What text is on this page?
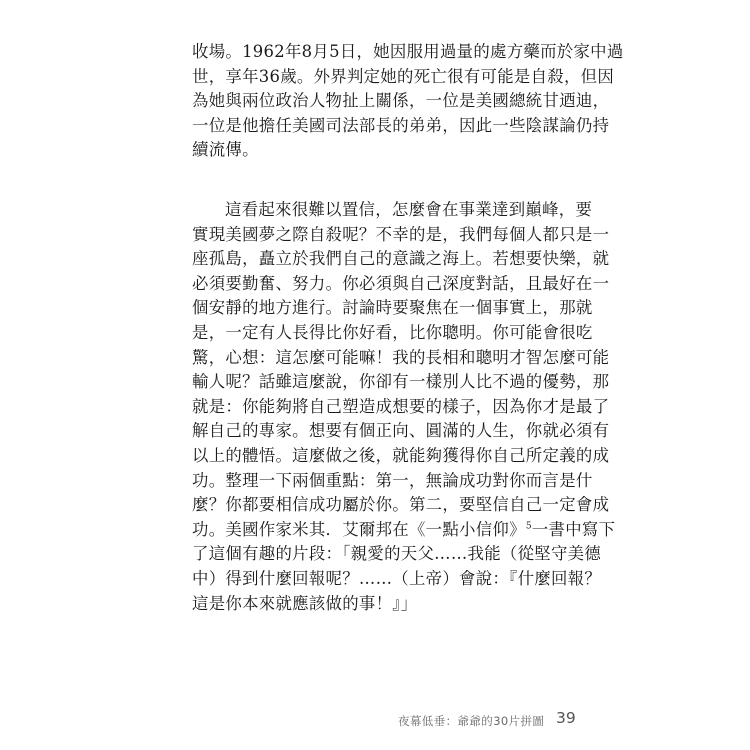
收場。1962年8月5日，她因服用過量的處方藥而於家中過
世，享年36歲。外界判定她的死亡很有可能是自殺，但因
為她與兩位政治人物扯上關係，一位是美國總統甘迺迪，
一位是他擔任美國司法部長的弟弟，因此一些陰謀論仍持
續流傳。
這看起來很難以置信，怎麼會在事業達到巔峰，要
實現美國夢之際自殺呢？不幸的是，我們每個人都只是一
座孤島，矗立於我們自己的意識之海上。若想要快樂，就
必須要勤奮、努力。你必須與自己深度對話，且最好在一
個安靜的地方進行。討論時要聚焦在一個事實上，那就
是，一定有人長得比你好看，比你聰明。你可能會很吃
驚，心想：這怎麼可能嘛！我的長相和聰明才智怎麼可能
輸人呢？話雖這麼說，你卻有一樣別人比不過的優勢，那
就是：你能夠將自己塑造成想要的樣子，因為你才是最了
解自己的專家。想要有個正向、圓滿的人生，你就必須有
以上的體悟。這麼做之後，就能夠獲得你自己所定義的成
功。整理一下兩個重點：第一，無論成功對你而言是什
麼？你都要相信成功屬於你。第二，要堅信自己一定會成
功。美國作家米其．艾爾邦在《一點小信仰》$^5$一書中寫下
了這個有趣的片段：「親愛的天父……我能（從堅守美德
中）得到什麼回報呢？……（上帝）會說：『什麼回報？
這是你本來就應該做的事！』」
夜幕低垂：爺爺的30片拼圖 39
